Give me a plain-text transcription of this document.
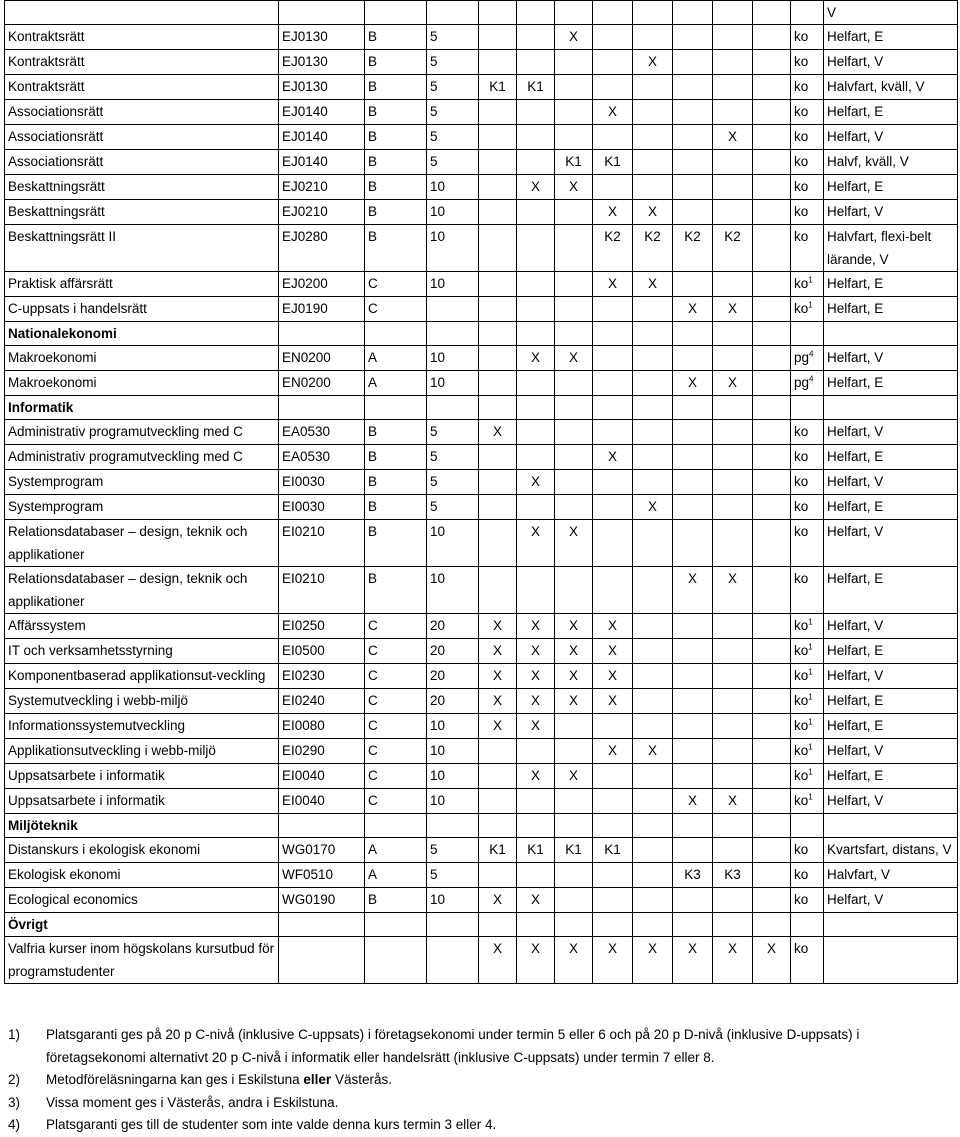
													V
Kontraktsrätt	EJ0130	B	5			X						ko	Helfart, E
Kontraktsrätt	EJ0130	B	5					X				ko	Helfart, V
Kontraktsrätt	EJ0130	B	5	K1	K1							ko	Halvfart, kväll, V
Associationsrätt	EJ0140	B	5				X					ko	Helfart, E
Associationsrätt	EJ0140	B	5							X		ko	Helfart, V
Associationsrätt	EJ0140	B	5			K1	K1					ko	Halvf, kväll, V
Beskattningsrätt	EJ0210	B	10		X	X						ko	Helfart, E
Beskattningsrätt	EJ0210	B	10				X	X				ko	Helfart, V
Beskattningsrätt II	EJ0280	B	10				K2	K2	K2	K2		ko	Halvfart, flexi-belt lärande, V
Praktisk affärsrätt	EJ0200	C	10				X	X				$ko^1$	Helfart, E
C-uppsats i handelsrätt	EJ0190	C							X	X		$ko^1$	Helfart, E
Nationalekonomi													
Makroekonomi	EN0200	A	10		X	X						$pg^4$	Helfart, V
Makroekonomi	EN0200	A	10						X	X		$pg^4$	Helfart, E
Informatik													
Administrativ programutveckling med C	EA0530	B	5	X								ko	Helfart, V
Administrativ programutveckling med C	EA0530	B	5				X					ko	Helfart, E
Systemprogram	EI0030	B	5		X							ko	Helfart, V
Systemprogram	EI0030	B	5					X				ko	Helfart, E
Relationsdatabaser – design, teknik och applikationer	EI0210	B	10		X	X						ko	Helfart, V
Relationsdatabaser – design, teknik och applikationer	EI0210	B	10						X	X		ko	Helfart, E
Affärssystem	EI0250	C	20	X	X	X	X					$ko^1$	Helfart, V
IT och verksamhetsstyrning	EI0500	C	20	X	X	X	X					$ko^1$	Helfart, E
Komponentbaserad applikationsut-veckling	EI0230	C	20	X	X	X	X					$ko^1$	Helfart, V
Systemutveckling i webb-miljö	EI0240	C	20	X	X	X	X					$ko^1$	Helfart, E
Informationssystemutveckling	EI0080	C	10	X	X							$ko^1$	Helfart, E
Applikationsutveckling i webb-miljö	EI0290	C	10				X	X				$ko^1$	Helfart, V
Uppsatsarbete i informatik	EI0040	C	10		X	X						$ko^1$	Helfart, E
Uppsatsarbete i informatik	EI0040	C	10						X	X		$ko^1$	Helfart, V
Miljöteknik													
Distanskurs i ekologisk ekonomi	WG0170	A	5	K1	K1	K1	K1					ko	Kvartsfart, distans, V
Ekologisk ekonomi	WF0510	A	5						K3	K3		ko	Halvfart, V
Ecological economics	WG0190	B	10	X	X							ko	Helfart, V
Övrigt													
Valfria kurser inom högskolans kursutbud för programstudenter				X	X	X	X	X	X	X	X	ko	
1)	Platsgaranti ges på 20 p C-nivå (inklusive C-uppsats) i företagsekonomi under termin 5 eller 6 och på 20 p D-nivå (inklusive D-uppsats) i företagsekonomi alternativt 20 p C-nivå i informatik eller handelsrätt (inklusive C-uppsats) under termin 7 eller 8.
2)	Metodföreläsningarna kan ges i Eskilstuna eller Västerås.
3)	Vissa moment ges i Västerås, andra i Eskilstuna.
4)	Platsgaranti ges till de studenter som inte valde denna kurs termin 3 eller 4.
